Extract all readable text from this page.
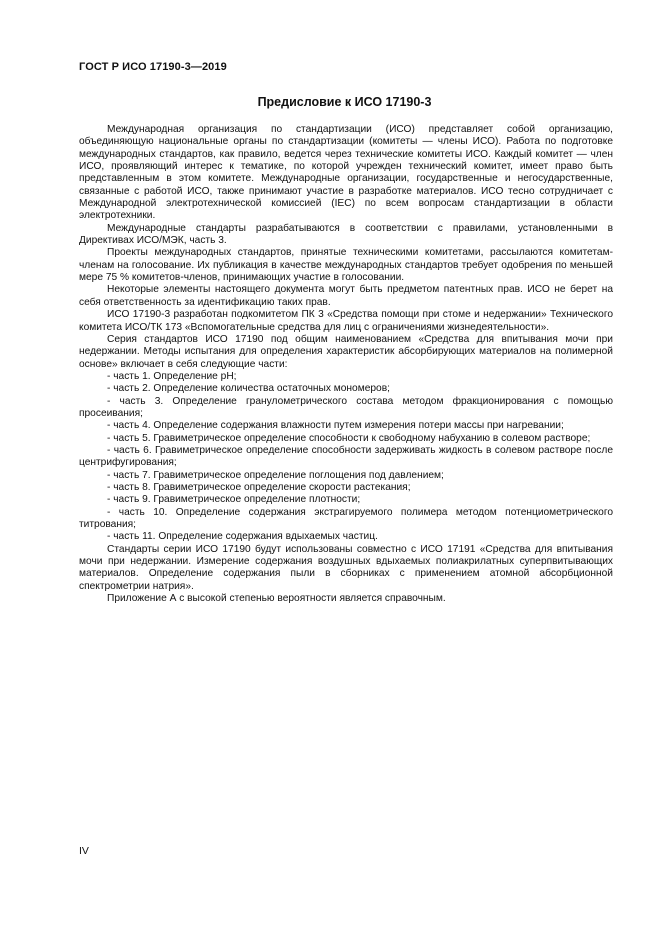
ГОСТ Р ИСО 17190-3—2019
Предисловие к ИСО 17190-3

Международная организация по стандартизации (ИСО) представляет собой организацию, объединяющую национальные органы по стандартизации (комитеты — члены ИСО). Работа по подготовке международных стандартов, как правило, ведется через технические комитеты ИСО. Каждый комитет — член ИСО, проявляющий интерес к тематике, по которой учрежден технический комитет, имеет право быть представленным в этом комитете. Международные организации, государственные и негосударственные, связанные с работой ИСО, также принимают участие в разработке материалов. ИСО тесно сотрудничает с Международной электротехнической комиссией (IEC) по всем вопросам стандартизации в области электротехники.

Международные стандарты разрабатываются в соответствии с правилами, установленными в Директивах ИСО/МЭК, часть 3.

Проекты международных стандартов, принятые техническими комитетами, рассылаются комитетам-членам на голосование. Их публикация в качестве международных стандартов требует одобрения по меньшей мере 75 % комитетов-членов, принимающих участие в голосовании.

Некоторые элементы настоящего документа могут быть предметом патентных прав. ИСО не берет на себя ответственность за идентификацию таких прав.

ИСО 17190-3 разработан подкомитетом ПК 3 «Средства помощи при стоме и недержании» Технического комитета ИСО/ТК 173 «Вспомогательные средства для лиц с ограничениями жизнедеятельности».

Серия стандартов ИСО 17190 под общим наименованием «Средства для впитывания мочи при недержании. Методы испытания для определения характеристик абсорбирующих материалов на полимерной основе» включает в себя следующие части:

- часть 1. Определение pH;

- часть 2. Определение количества остаточных мономеров;

- часть 3. Определение гранулометрического состава методом фракционирования с помощью просеивания;

- часть 4. Определение содержания влажности путем измерения потери массы при нагревании;

- часть 5. Гравиметрическое определение способности к свободному набуханию в солевом растворе;

- часть 6. Гравиметрическое определение способности задерживать жидкость в солевом растворе после центрифугирования;

- часть 7. Гравиметрическое определение поглощения под давлением;

- часть 8. Гравиметрическое определение скорости растекания;

- часть 9. Гравиметрическое определение плотности;

- часть 10. Определение содержания экстрагируемого полимера методом потенциометрического титрования;

- часть 11. Определение содержания вдыхаемых частиц.

Стандарты серии ИСО 17190 будут использованы совместно с ИСО 17191 «Средства для впитывания мочи при недержании. Измерение содержания воздушных вдыхаемых полиакрилатных суперпвитывающих материалов. Определение содержания пыли в сборниках с применением атомной абсорбционной спектрометрии натрия».

Приложение А с высокой степенью вероятности является справочным.

IV
